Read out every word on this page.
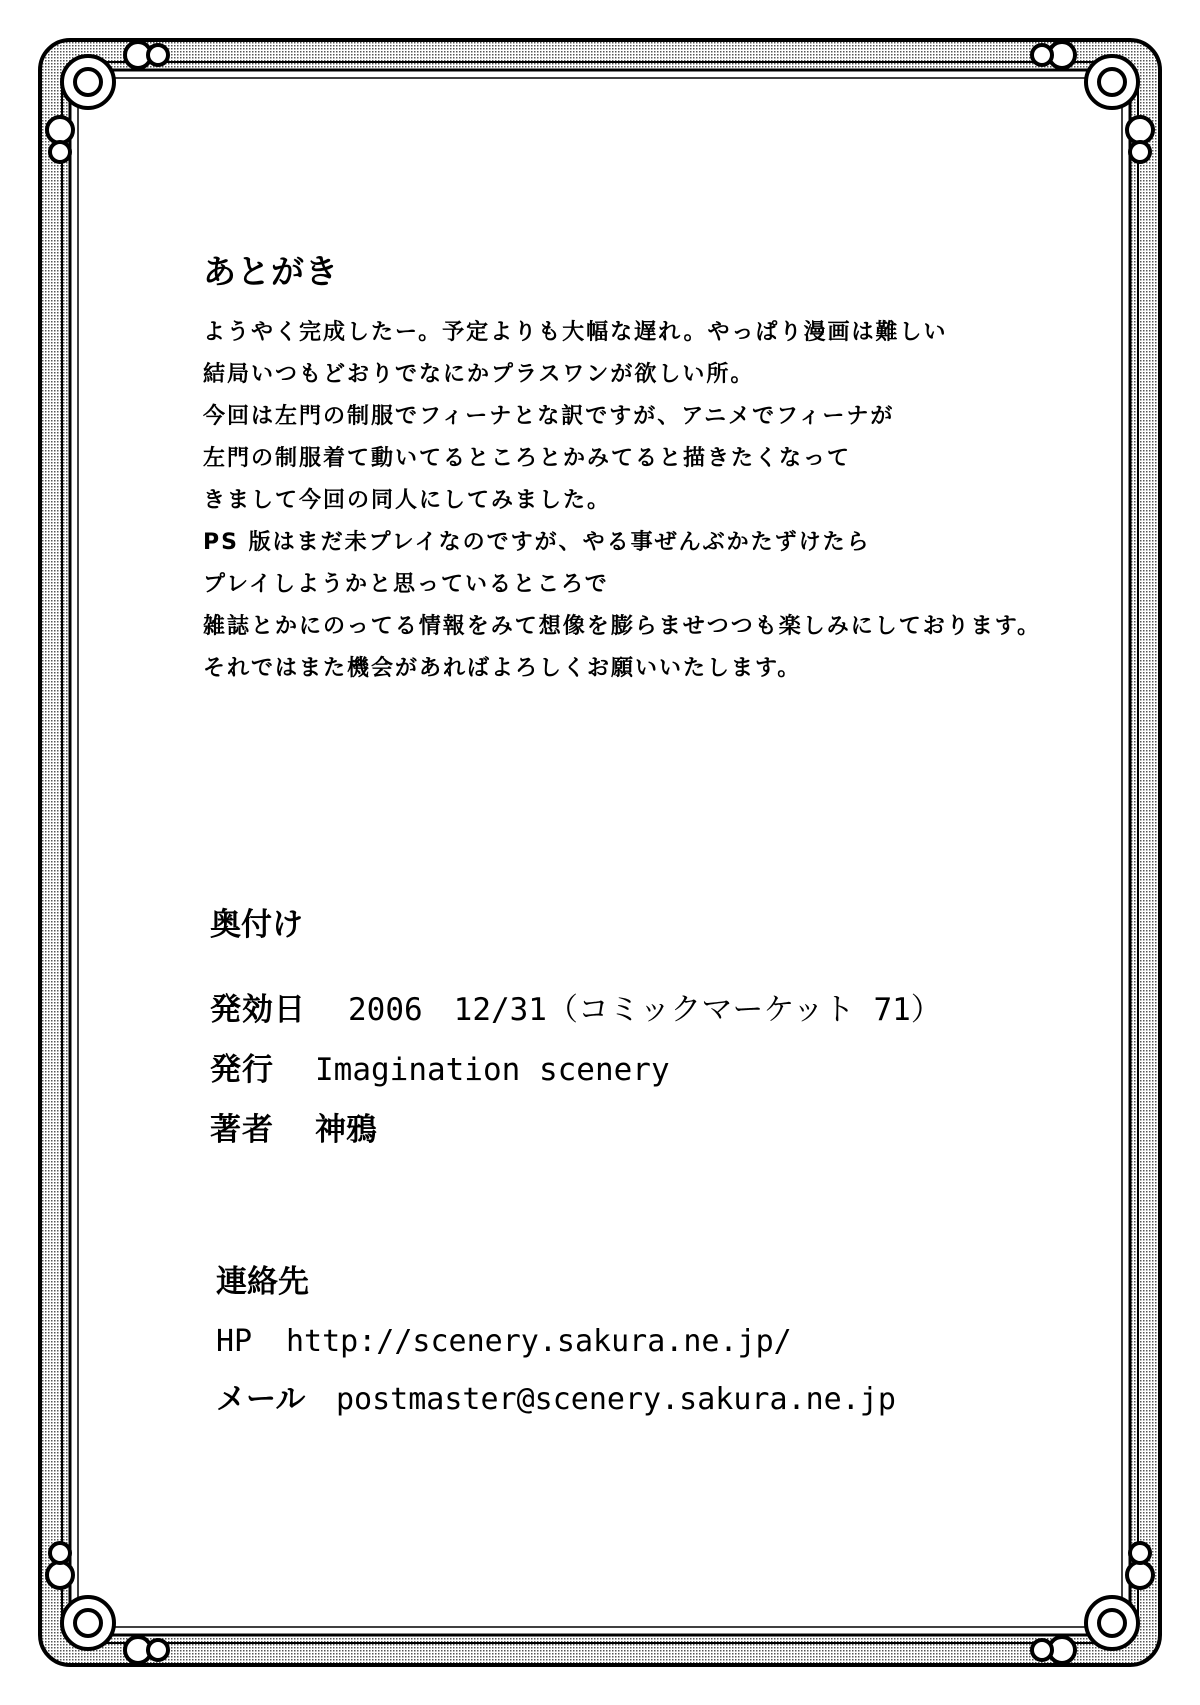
あとがき
ようやく完成したー。予定よりも大幅な遅れ。やっぱり漫画は難しい
結局いつもどおりでなにかプラスワンが欲しい所。
今回は左門の制服でフィーナとな訳ですが、アニメでフィーナが
左門の制服着て動いてるところとかみてると描きたくなって
きまして今回の同人にしてみました。
PS 版はまだ未プレイなのですが、やる事ぜんぶかたずけたら
プレイしようかと思っているところで
雑誌とかにのってる情報をみて想像を膨らませつつも楽しみにしております。
それではまた機会があればよろしくお願いいたします。
奥付け
発効日 2006　12/31（コミックマーケット 71）
発行 Imagination scenery
著者 神鴉
連絡先
HP http://scenery.sakura.ne.jp/
メール postmaster@scenery.sakura.ne.jp
